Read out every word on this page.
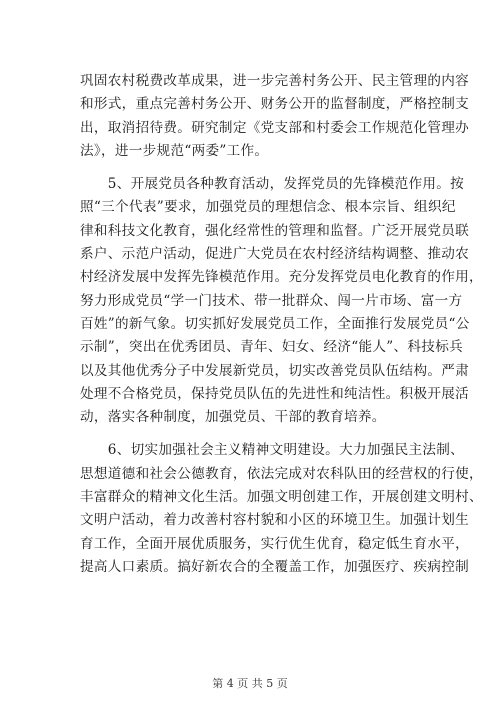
巩固农村税费改革成果，进一步完善村务公开、民主管理的内容
和形式，重点完善村务公开、财务公开的监督制度，严格控制支
出，取消招待费。研究制定《党支部和村委会工作规范化管理办
法》，进一步规范“两委”工作。
　　5、开展党员各种教育活动，发挥党员的先锋模范作用。按
照“三个代表”要求，加强党员的理想信念、根本宗旨、组织纪
律和科技文化教育，强化经常性的管理和监督。广泛开展党员联
系户、示范户活动，促进广大党员在农村经济结构调整、推动农
村经济发展中发挥先锋模范作用。充分发挥党员电化教育的作用，
努力形成党员“学一门技术、带一批群众、闯一片市场、富一方
百姓”的新气象。切实抓好发展党员工作，全面推行发展党员“公
示制”，突出在优秀团员、青年、妇女、经济“能人”、科技标兵
以及其他优秀分子中发展新党员，切实改善党员队伍结构。严肃
处理不合格党员，保持党员队伍的先进性和纯洁性。积极开展活
动，落实各种制度，加强党员、干部的教育培养。
　　6、切实加强社会主义精神文明建设。大力加强民主法制、
思想道德和社会公德教育，依法完成对农科队田的经营权的行使，
丰富群众的精神文化生活。加强文明创建工作，开展创建文明村、
文明户活动，着力改善村容村貌和小区的环境卫生。加强计划生
育工作，全面开展优质服务，实行优生优育，稳定低生育水平，
提高人口素质。搞好新农合的全覆盖工作，加强医疗、疾病控制
第 4 页 共 5 页
